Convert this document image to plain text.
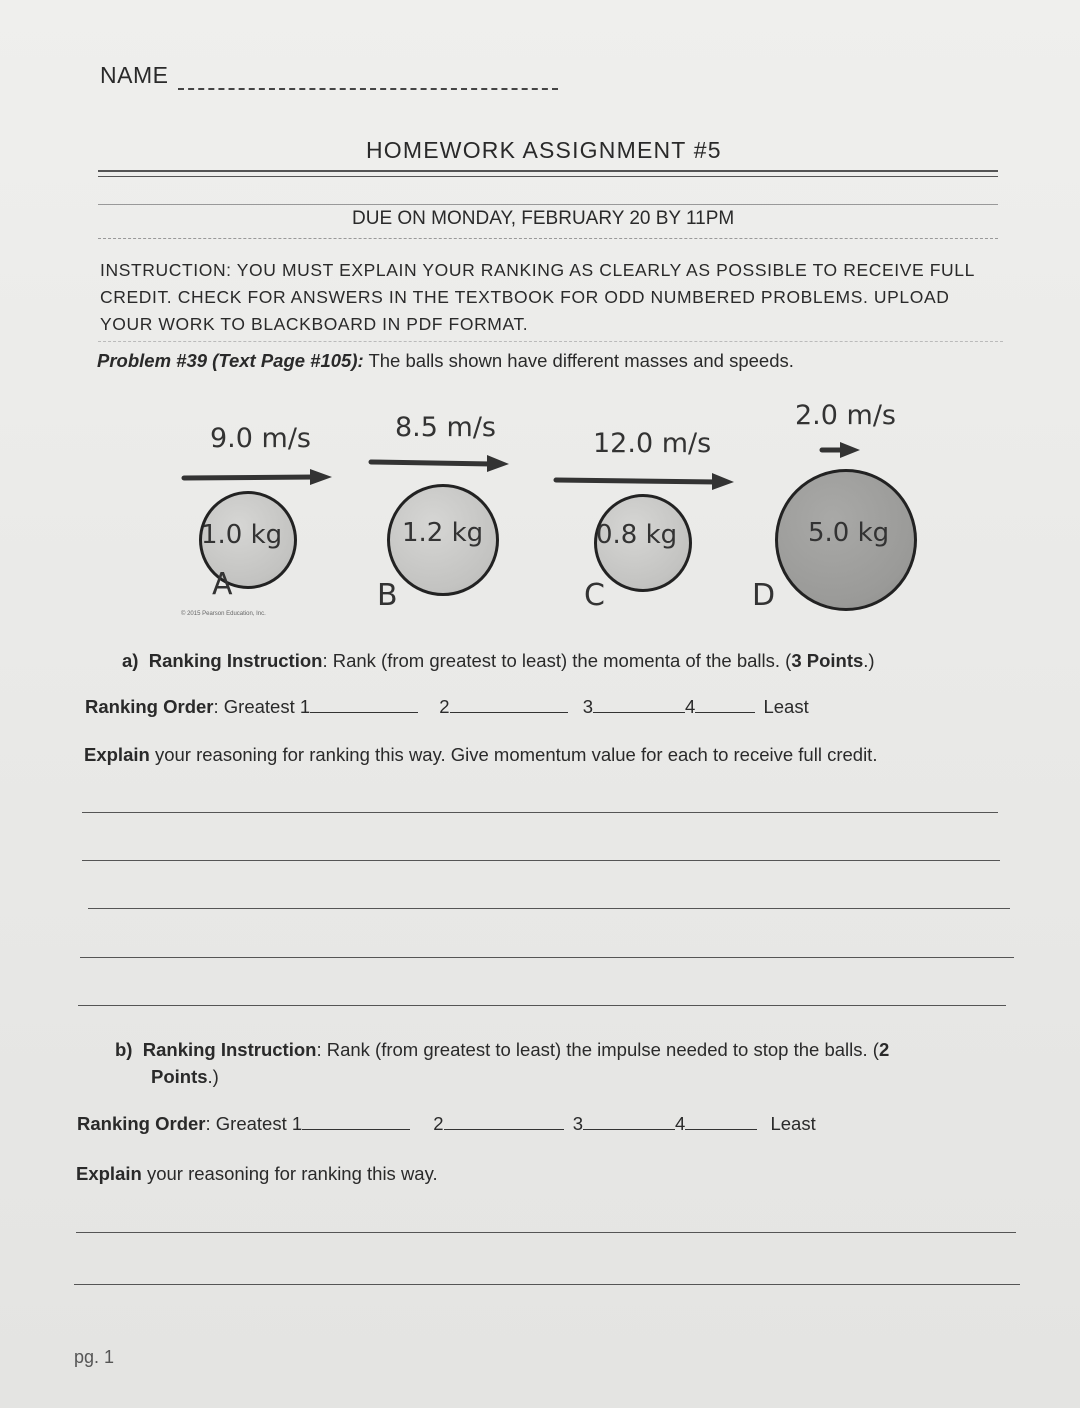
NAME
HOMEWORK ASSIGNMENT #5
DUE ON MONDAY, FEBRUARY 20 BY 11PM
INSTRUCTION: YOU MUST EXPLAIN YOUR RANKING AS CLEARLY AS POSSIBLE TO RECEIVE FULL CREDIT. CHECK FOR ANSWERS IN THE TEXTBOOK FOR ODD NUMBERED PROBLEMS. UPLOAD YOUR WORK TO BLACKBOARD IN PDF FORMAT.
Problem #39 (Text Page #105): The balls shown have different masses and speeds.
9.0 m/s	8.5 m/s
12.0 m/s
2.0 m/s
1.0 kg	1.2 kg	0.8 kg	5.0 kg
A	B	C	D
© 2015 Pearson Education, Inc.
a) Ranking Instruction: Rank (from greatest to least) the momenta of the balls. (3 Points.)
Ranking Order: Greatest 1	2	3	4	Least
Explain your reasoning for ranking this way. Give momentum value for each to receive full credit.
b) Ranking Instruction: Rank (from greatest to least) the impulse needed to stop the balls. (2
Points.)
Ranking Order: Greatest 1	2	3	4	Least
Explain your reasoning for ranking this way.
pg. 1
